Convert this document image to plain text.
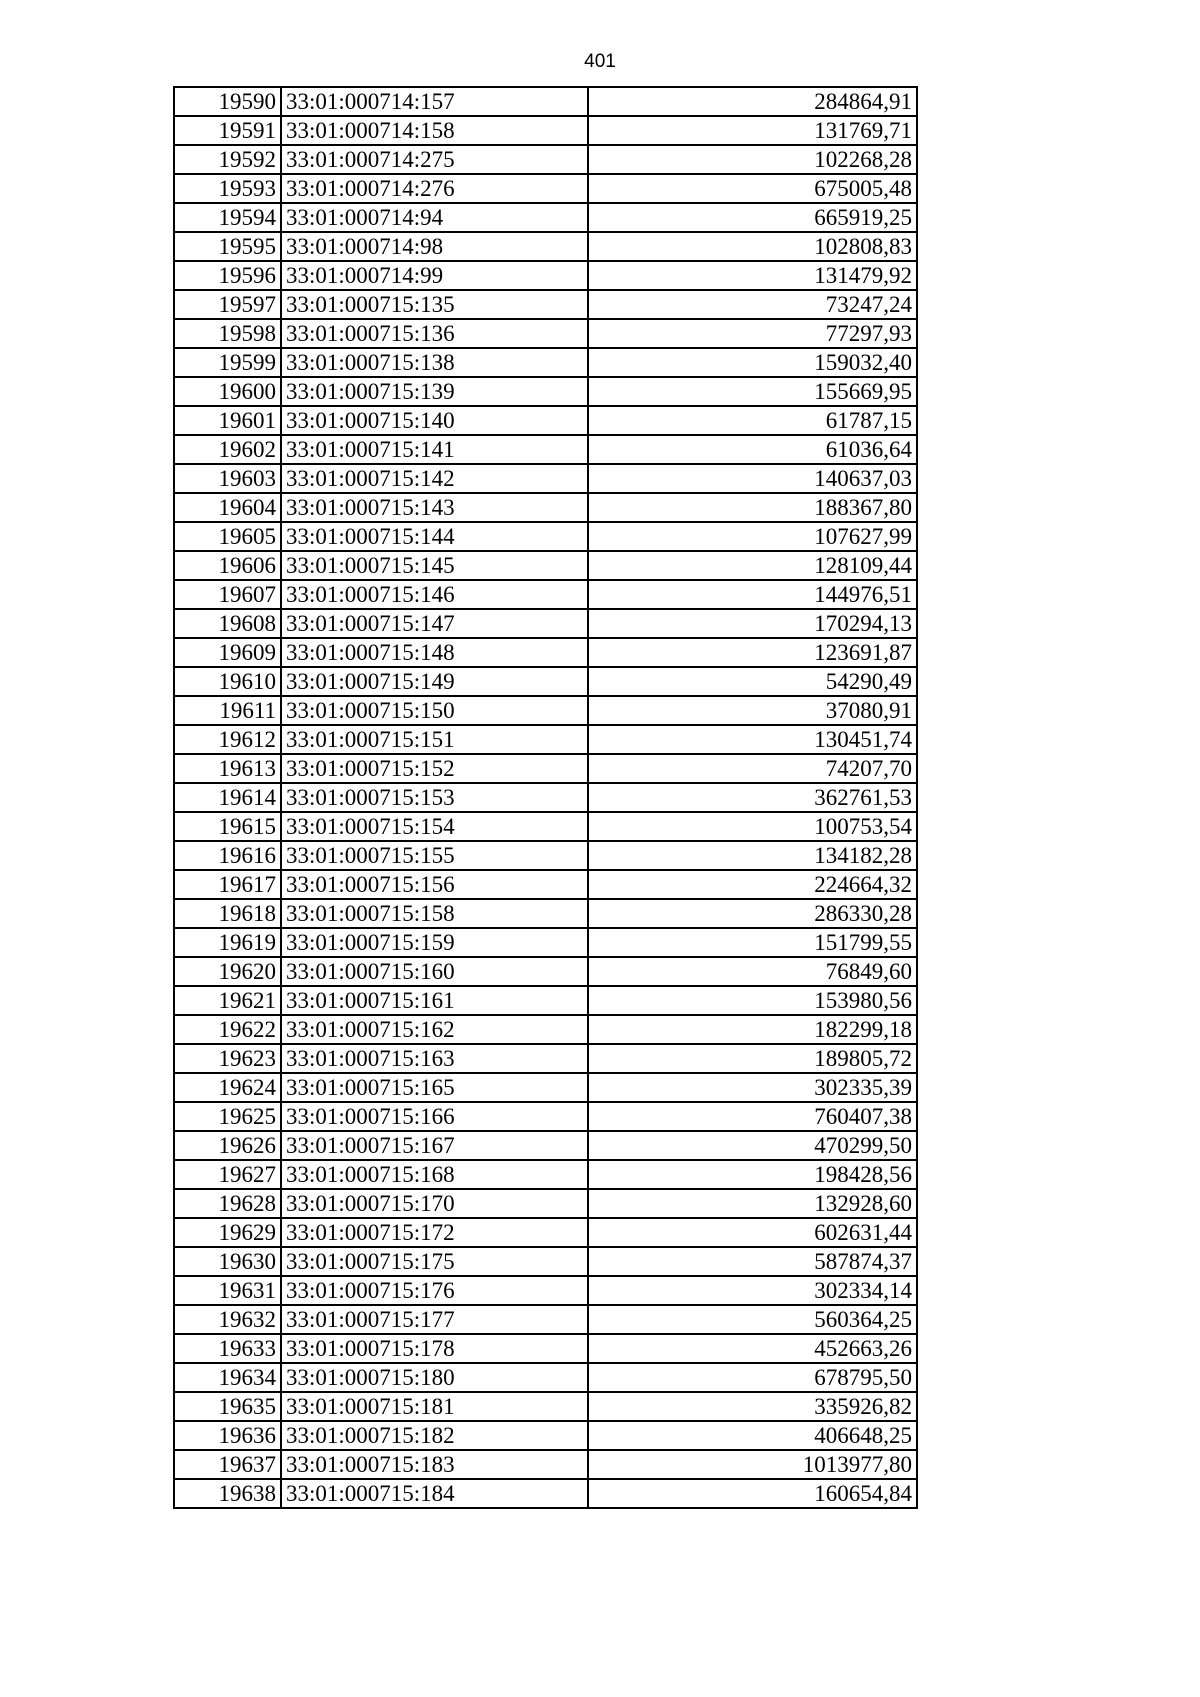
401
19590	33:01:000714:157	284864,91
19591	33:01:000714:158	131769,71
19592	33:01:000714:275	102268,28
19593	33:01:000714:276	675005,48
19594	33:01:000714:94	665919,25
19595	33:01:000714:98	102808,83
19596	33:01:000714:99	131479,92
19597	33:01:000715:135	73247,24
19598	33:01:000715:136	77297,93
19599	33:01:000715:138	159032,40
19600	33:01:000715:139	155669,95
19601	33:01:000715:140	61787,15
19602	33:01:000715:141	61036,64
19603	33:01:000715:142	140637,03
19604	33:01:000715:143	188367,80
19605	33:01:000715:144	107627,99
19606	33:01:000715:145	128109,44
19607	33:01:000715:146	144976,51
19608	33:01:000715:147	170294,13
19609	33:01:000715:148	123691,87
19610	33:01:000715:149	54290,49
19611	33:01:000715:150	37080,91
19612	33:01:000715:151	130451,74
19613	33:01:000715:152	74207,70
19614	33:01:000715:153	362761,53
19615	33:01:000715:154	100753,54
19616	33:01:000715:155	134182,28
19617	33:01:000715:156	224664,32
19618	33:01:000715:158	286330,28
19619	33:01:000715:159	151799,55
19620	33:01:000715:160	76849,60
19621	33:01:000715:161	153980,56
19622	33:01:000715:162	182299,18
19623	33:01:000715:163	189805,72
19624	33:01:000715:165	302335,39
19625	33:01:000715:166	760407,38
19626	33:01:000715:167	470299,50
19627	33:01:000715:168	198428,56
19628	33:01:000715:170	132928,60
19629	33:01:000715:172	602631,44
19630	33:01:000715:175	587874,37
19631	33:01:000715:176	302334,14
19632	33:01:000715:177	560364,25
19633	33:01:000715:178	452663,26
19634	33:01:000715:180	678795,50
19635	33:01:000715:181	335926,82
19636	33:01:000715:182	406648,25
19637	33:01:000715:183	1013977,80
19638	33:01:000715:184	160654,84
